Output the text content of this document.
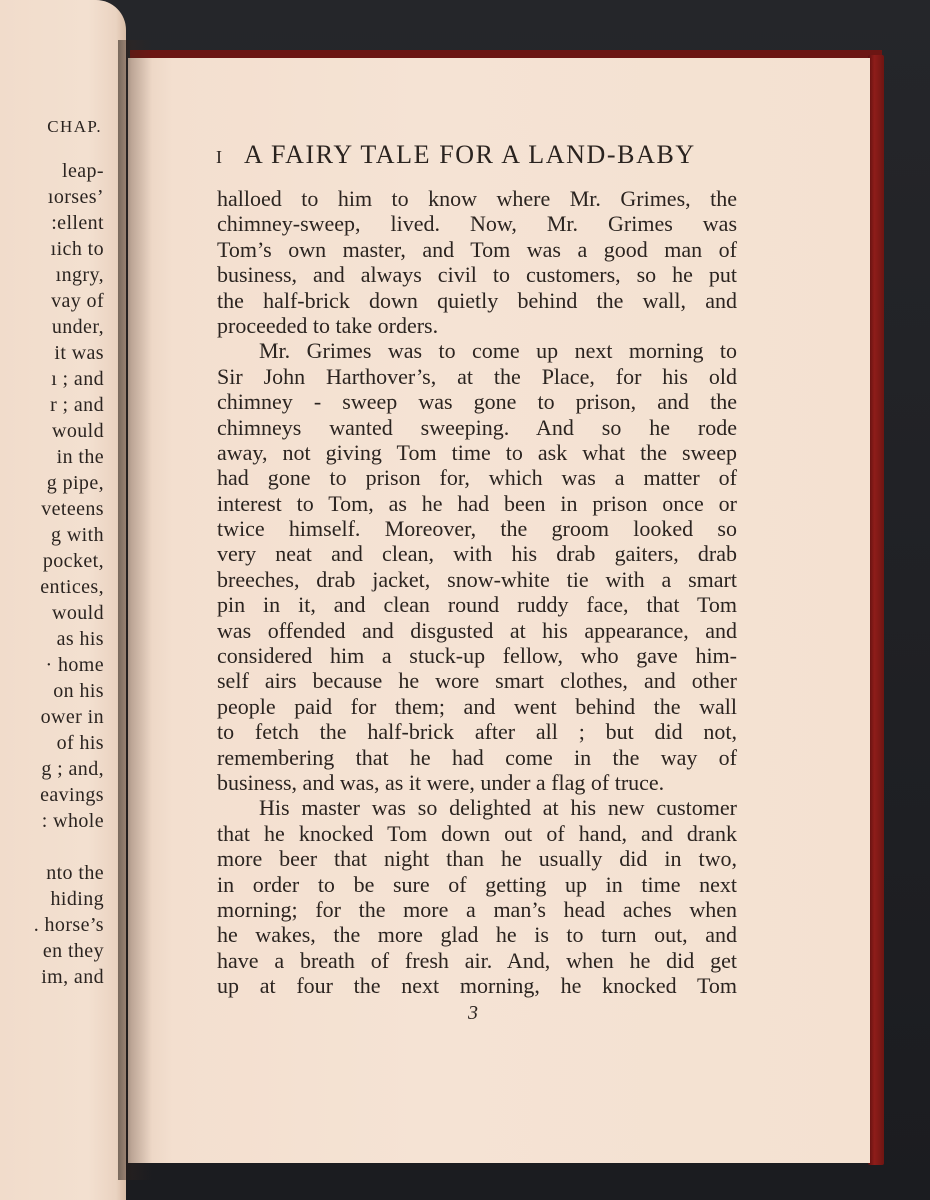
CHAP.
leap-
ıorses’
:ellent
ıich to
ıngry,
vay of
under,
it was
ı ; and
r ; and
would
in the
g pipe,
veteens
g with
pocket,
entices,
would
as his
· home
on his
ower in
of his
g ; and,
eavings
: whole
nto the
hiding
. horse’s
en they
im, and
I A FAIRY TALE FOR A LAND-BABY
halloed to him to know where Mr. Grimes, the
chimney-sweep, lived. Now, Mr. Grimes was
Tom’s own master, and Tom was a good man of
business, and always civil to customers, so he put
the half-brick down quietly behind the wall, and
proceeded to take orders.
Mr. Grimes was to come up next morning to
Sir John Harthover’s, at the Place, for his old
chimney - sweep was gone to prison, and the
chimneys wanted sweeping. And so he rode
away, not giving Tom time to ask what the sweep
had gone to prison for, which was a matter of
interest to Tom, as he had been in prison once or
twice himself. Moreover, the groom looked so
very neat and clean, with his drab gaiters, drab
breeches, drab jacket, snow-white tie with a smart
pin in it, and clean round ruddy face, that Tom
was offended and disgusted at his appearance, and
considered him a stuck-up fellow, who gave him-
self airs because he wore smart clothes, and other
people paid for them; and went behind the wall
to fetch the half-brick after all ; but did not,
remembering that he had come in the way of
business, and was, as it were, under a flag of truce.
His master was so delighted at his new customer
that he knocked Tom down out of hand, and drank
more beer that night than he usually did in two,
in order to be sure of getting up in time next
morning; for the more a man’s head aches when
he wakes, the more glad he is to turn out, and
have a breath of fresh air. And, when he did get
up at four the next morning, he knocked Tom
3
